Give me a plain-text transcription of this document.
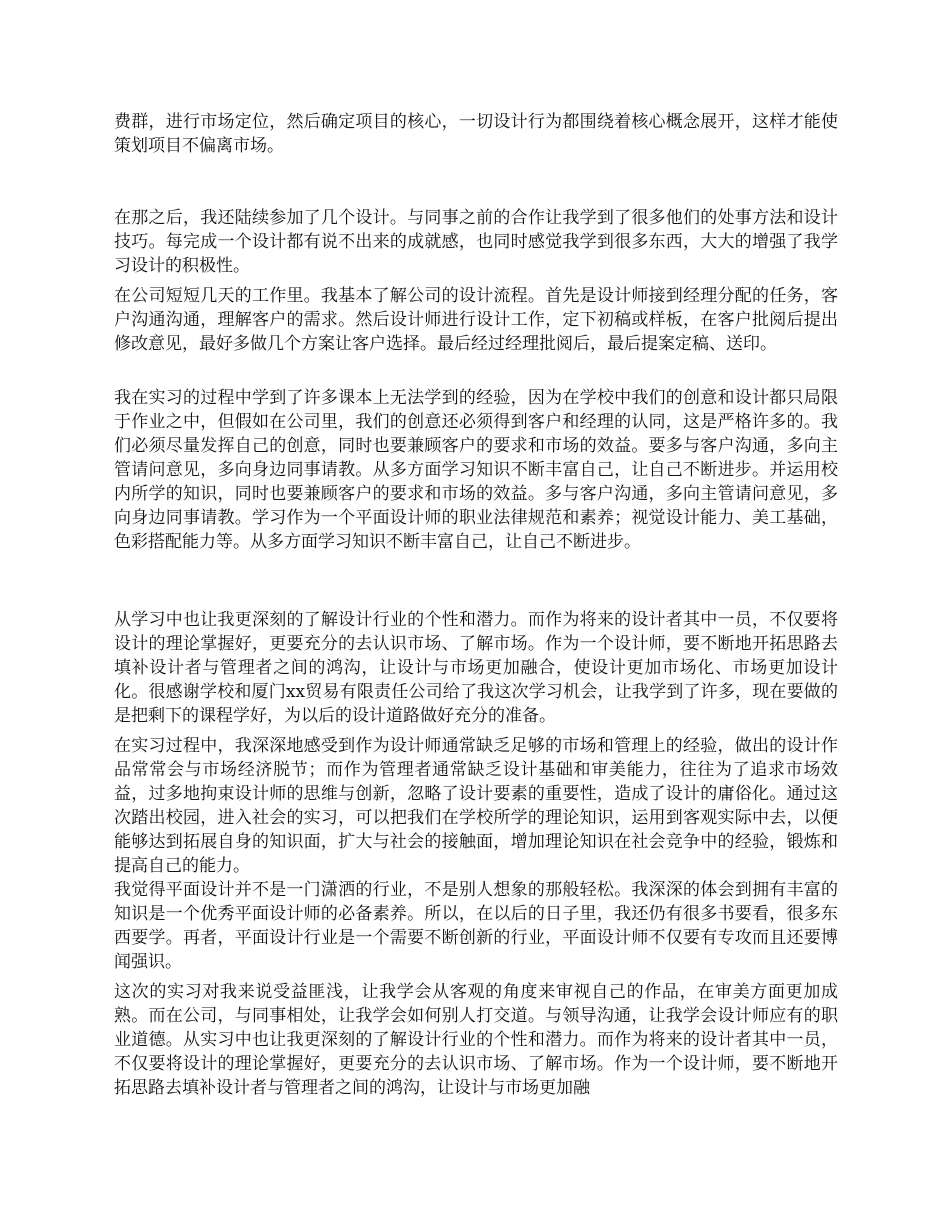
费群，进行市场定位，然后确定项目的核心，一切设计行为都围绕着核心概念展开，这样才能使策划项目不偏离市场。

在那之后，我还陆续参加了几个设计。与同事之前的合作让我学到了很多他们的处事方法和设计技巧。每完成一个设计都有说不出来的成就感，也同时感觉我学到很多东西，大大的增强了我学习设计的积极性。

在公司短短几天的工作里。我基本了解公司的设计流程。首先是设计师接到经理分配的任务，客户沟通沟通，理解客户的需求。然后设计师进行设计工作，定下初稿或样板，在客户批阅后提出修改意见，最好多做几个方案让客户选择。最后经过经理批阅后，最后提案定稿、送印。

我在实习的过程中学到了许多课本上无法学到的经验，因为在学校中我们的创意和设计都只局限于作业之中，但假如在公司里，我们的创意还必须得到客户和经理的认同，这是严格许多的。我们必须尽量发挥自己的创意，同时也要兼顾客户的要求和市场的效益。要多与客户沟通，多向主管请问意见，多向身边同事请教。从多方面学习知识不断丰富自己，让自己不断进步。并运用校内所学的知识，同时也要兼顾客户的要求和市场的效益。多与客户沟通，多向主管请问意见，多向身边同事请教。学习作为一个平面设计师的职业法律规范和素养；视觉设计能力、美工基础，色彩搭配能力等。从多方面学习知识不断丰富自己，让自己不断进步。

从学习中也让我更深刻的了解设计行业的个性和潜力。而作为将来的设计者其中一员，不仅要将设计的理论掌握好，更要充分的去认识市场、了解市场。作为一个设计师，要不断地开拓思路去填补设计者与管理者之间的鸿沟，让设计与市场更加融合，使设计更加市场化、市场更加设计化。很感谢学校和厦门xx贸易有限责任公司给了我这次学习机会，让我学到了许多，现在要做的是把剩下的课程学好，为以后的设计道路做好充分的准备。

在实习过程中，我深深地感受到作为设计师通常缺乏足够的市场和管理上的经验，做出的设计作品常常会与市场经济脱节；而作为管理者通常缺乏设计基础和审美能力，往往为了追求市场效益，过多地拘束设计师的思维与创新，忽略了设计要素的重要性，造成了设计的庸俗化。通过这次踏出校园，进入社会的实习，可以把我们在学校所学的理论知识，运用到客观实际中去，以便能够达到拓展自身的知识面，扩大与社会的接触面，增加理论知识在社会竞争中的经验，锻炼和提高自己的能力。

我觉得平面设计并不是一门潇洒的行业，不是别人想象的那般轻松。我深深的体会到拥有丰富的知识是一个优秀平面设计师的必备素养。所以，在以后的日子里，我还仍有很多书要看，很多东西要学。再者，平面设计行业是一个需要不断创新的行业，平面设计师不仅要有专攻而且还要博闻强识。

这次的实习对我来说受益匪浅，让我学会从客观的角度来审视自己的作品，在审美方面更加成熟。而在公司，与同事相处，让我学会如何别人打交道。与领导沟通，让我学会设计师应有的职业道德。从实习中也让我更深刻的了解设计行业的个性和潜力。而作为将来的设计者其中一员，不仅要将设计的理论掌握好，更要充分的去认识市场、了解市场。作为一个设计师，要不断地开拓思路去填补设计者与管理者之间的鸿沟，让设计与市场更加融
